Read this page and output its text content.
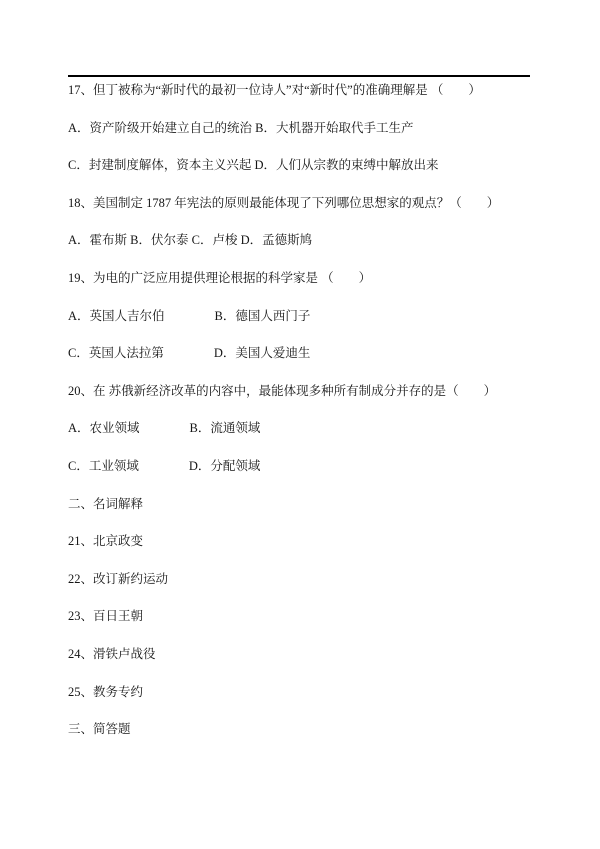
17、但丁被称为“新时代的最初一位诗人”对“新时代”的准确理解是 （　　）
A．资产阶级开始建立自己的统治 B．大机器开始取代手工生产
C．封建制度解体，资本主义兴起 D．人们从宗教的束缚中解放出来
18、美国制定 1787 年宪法的原则最能体现了下列哪位思想家的观点？（　　）
A．霍布斯 B．伏尔泰 C．卢梭 D．孟德斯鸠
19、为电的广泛应用提供理论根据的科学家是 （　　）
A．英国人吉尔伯　　　　B．德国人西门子
C．英国人法拉第　　　　D．美国人爱迪生
20、在 苏俄新经济改革的内容中，最能体现多种所有制成分并存的是（　　）
A．农业领域　　　　B．流通领域
C．工业领域　　　　D．分配领域
二、名词解释
21、北京政变
22、改订新约运动
23、百日王朝
24、滑铁卢战役
25、教务专约
三、简答题
